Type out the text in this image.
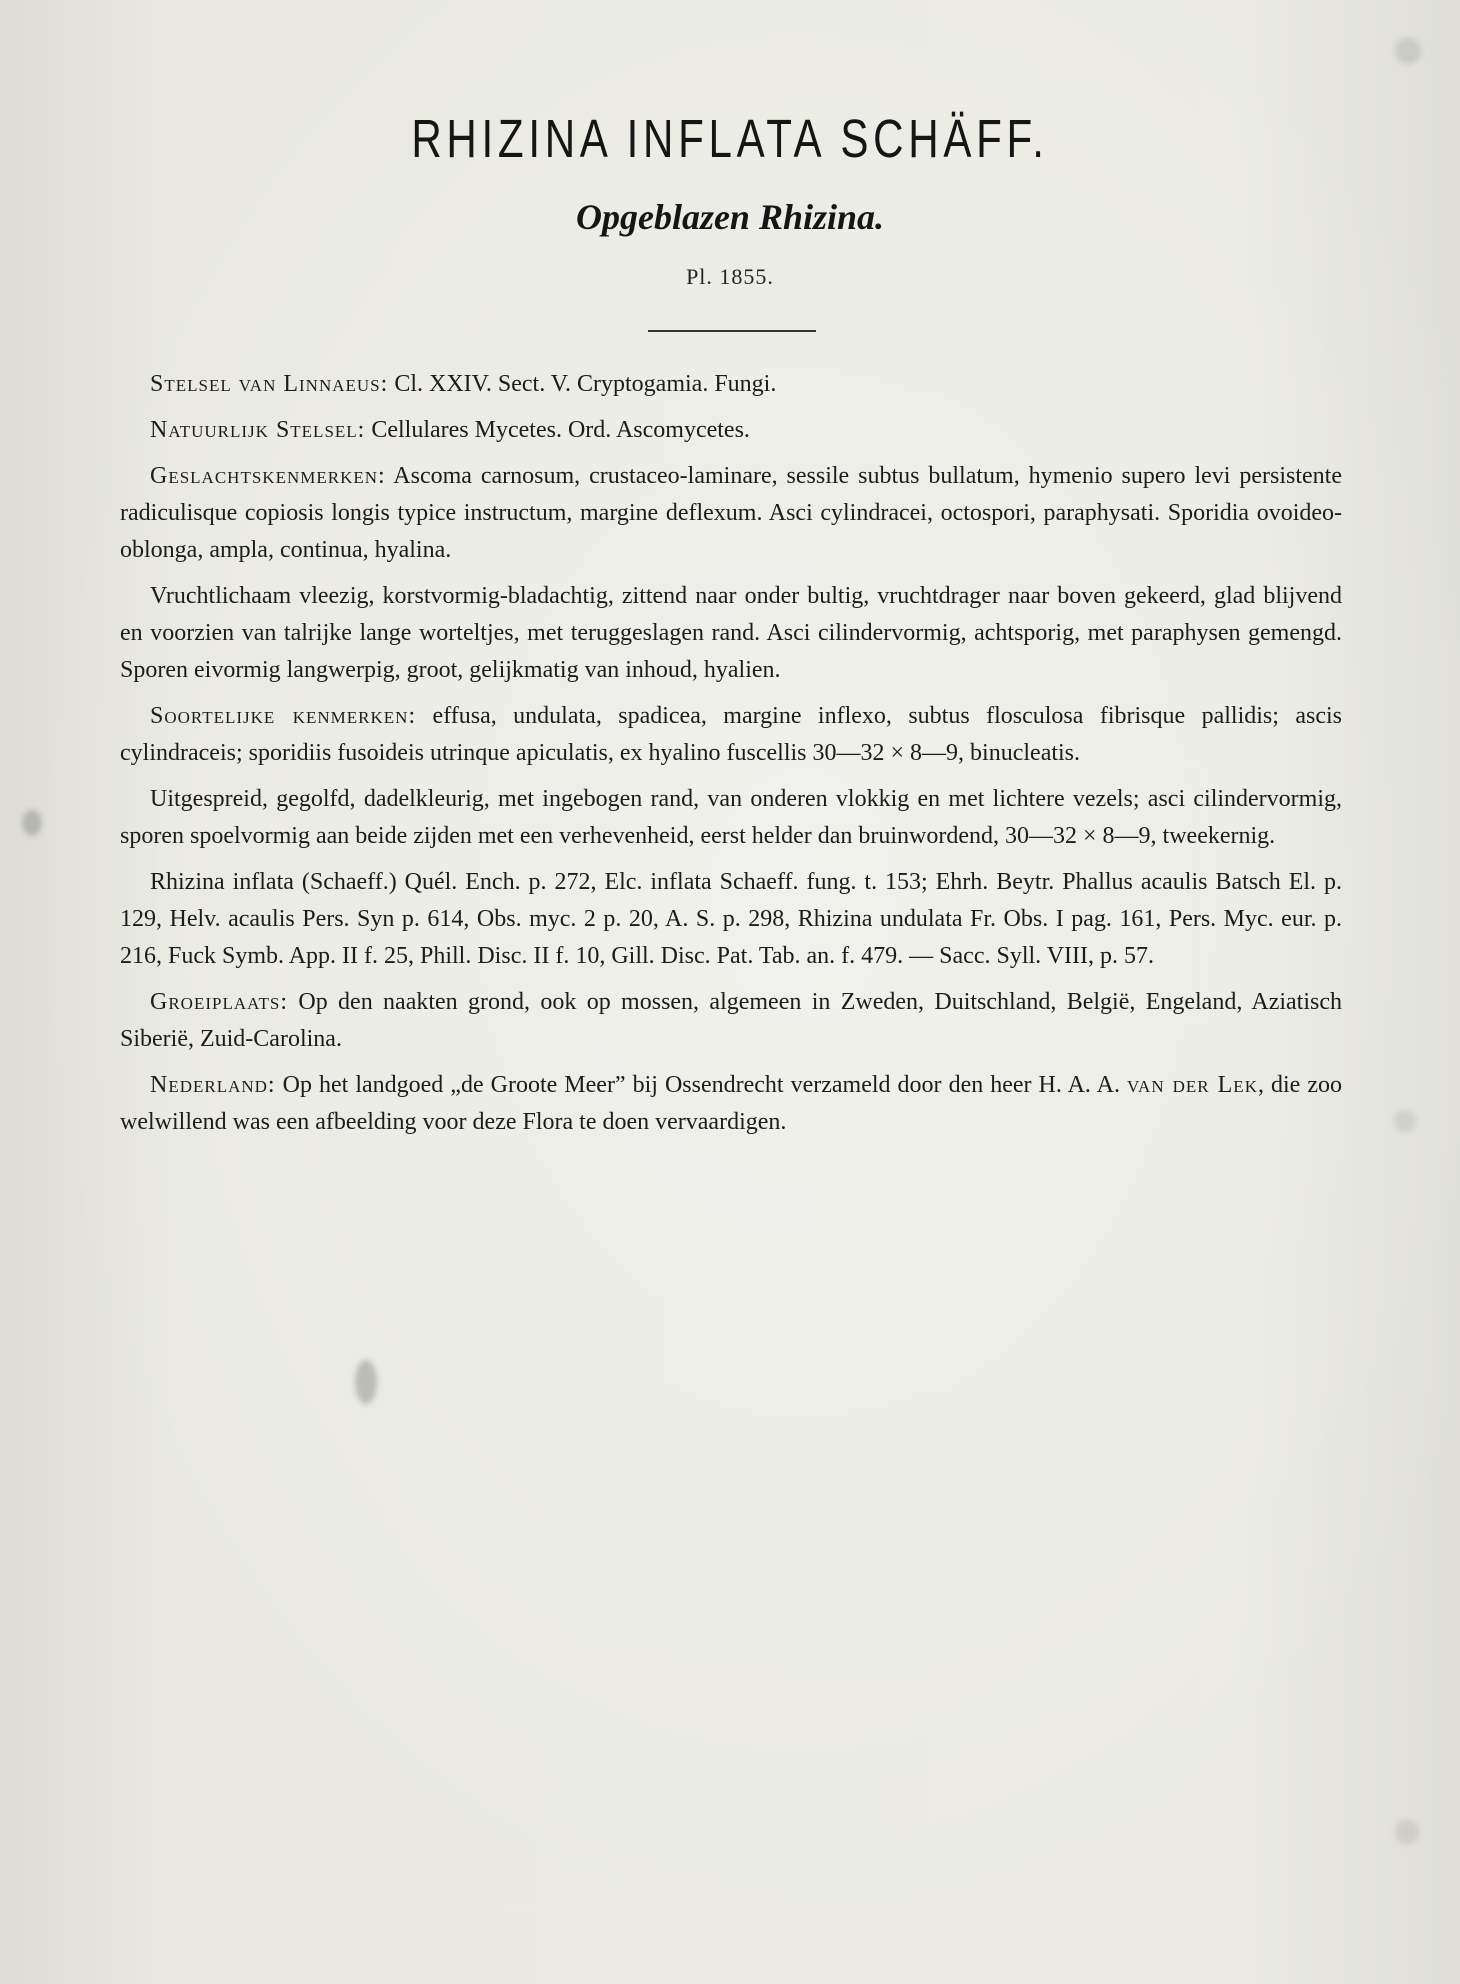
RHIZINA INFLATA SCHÄFF.
Opgeblazen Rhizina.
Pl. 1855.

Stelsel van Linnaeus: Cl. XXIV. Sect. V. Cryptogamia. Fungi.

Natuurlijk Stelsel: Cellulares Mycetes. Ord. Ascomycetes.

Geslachtskenmerken: Ascoma carnosum, crustaceo-laminare, sessile subtus bullatum, hymenio supero levi persistente radiculisque copiosis longis typice instructum, margine deflexum. Asci cylindracei, octospori, paraphysati. Sporidia ovoideo-oblonga, ampla, continua, hyalina.

Vruchtlichaam vleezig, korstvormig-bladachtig, zittend naar onder bultig, vruchtdrager naar boven gekeerd, glad blijvend en voorzien van talrijke lange worteltjes, met teruggeslagen rand. Asci cilindervormig, achtsporig, met paraphysen gemengd. Sporen eivormig langwerpig, groot, gelijkmatig van inhoud, hyalien.

Soortelijke kenmerken: effusa, undulata, spadicea, margine inflexo, subtus flosculosa fibrisque pallidis; ascis cylindraceis; sporidiis fusoideis utrinque apiculatis, ex hyalino fuscellis 30—32 × 8—9, binucleatis.

Uitgespreid, gegolfd, dadelkleurig, met ingebogen rand, van onderen vlokkig en met lichtere vezels; asci cilindervormig, sporen spoelvormig aan beide zijden met een verhevenheid, eerst helder dan bruinwordend, 30—32 × 8—9, tweekernig.

Rhizina inflata (Schaeff.) Quél. Ench. p. 272, Elc. inflata Schaeff. fung. t. 153; Ehrh. Beytr. Phallus acaulis Batsch El. p. 129, Helv. acaulis Pers. Syn p. 614, Obs. myc. 2 p. 20, A. S. p. 298, Rhizina undulata Fr. Obs. I pag. 161, Pers. Myc. eur. p. 216, Fuck Symb. App. II f. 25, Phill. Disc. II f. 10, Gill. Disc. Pat. Tab. an. f. 479. — Sacc. Syll. VIII, p. 57.

Groeiplaats: Op den naakten grond, ook op mossen, algemeen in Zweden, Duitschland, België, Engeland, Aziatisch Siberië, Zuid-Carolina.

Nederland: Op het landgoed „de Groote Meer” bij Ossendrecht verzameld door den heer H. A. A. van der Lek, die zoo welwillend was een afbeelding voor deze Flora te doen vervaardigen.
